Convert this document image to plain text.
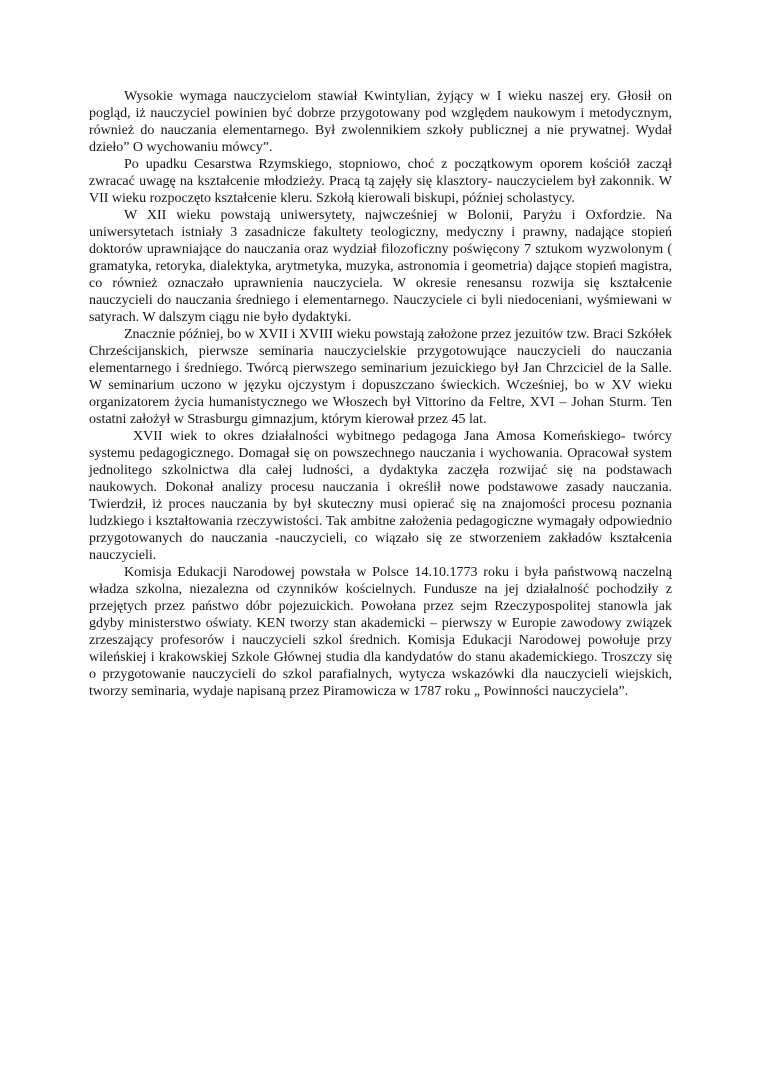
Wysokie wymaga nauczycielom stawiał Kwintylian, żyjący w I wieku naszej ery. Głosił on pogląd, iż nauczyciel powinien być dobrze przygotowany pod względem naukowym i metodycznym, również do nauczania elementarnego. Był zwolennikiem szkoły publicznej a nie prywatnej. Wydał dzieło” O wychowaniu mówcy”.

Po upadku Cesarstwa Rzymskiego, stopniowo, choć z początkowym oporem kościół zaczął zwracać uwagę na kształcenie młodzieży. Pracą tą zajęły się klasztory- nauczycielem był zakonnik. W VII wieku rozpoczęto kształcenie kleru. Szkołą kierowali biskupi, później scholastycy.

W XII wieku powstają uniwersytety, najwcześniej w Bolonii, Paryżu i Oxfordzie. Na uniwersytetach istniały 3 zasadnicze fakultety teologiczny, medyczny i prawny, nadające stopień doktorów uprawniające do nauczania oraz wydział filozoficzny poświęcony 7 sztukom wyzwolonym ( gramatyka, retoryka, dialektyka, arytmetyka, muzyka, astronomia i geometria) dające stopień magistra, co również oznaczało uprawnienia nauczyciela. W okresie renesansu rozwija się kształcenie nauczycieli do nauczania średniego i elementarnego. Nauczyciele ci byli niedoceniani, wyśmiewani w satyrach. W dalszym ciągu nie było dydaktyki.

Znacznie później, bo w XVII i XVIII wieku powstają założone przez jezuitów tzw. Braci Szkółek Chrześcijanskich, pierwsze seminaria nauczycielskie przygotowujące nauczycieli do nauczania elementarnego i średniego. Twórcą pierwszego seminarium jezuickiego był Jan Chrzciciel de la Salle. W seminarium uczono w języku ojczystym i dopuszczano świeckich. Wcześniej, bo w XV wieku organizatorem życia humanistycznego we Włoszech był Vittorino da Feltre, XVI – Johan Sturm. Ten ostatni założył w Strasburgu gimnazjum, którym kierował przez 45 lat.

XVII wiek to okres działalności wybitnego pedagoga Jana Amosa Komeńskiego- twórcy systemu pedagogicznego. Domagał się on powszechnego nauczania i wychowania. Opracował system jednolitego szkolnictwa dla całej ludności, a dydaktyka zaczęła rozwijać się na podstawach naukowych. Dokonał analizy procesu nauczania i określił nowe podstawowe zasady nauczania. Twierdził, iż proces nauczania by był skuteczny musi opierać się na znajomości procesu poznania ludzkiego i kształtowania rzeczywistości. Tak ambitne założenia pedagogiczne wymagały odpowiednio przygotowanych do nauczania -nauczycieli, co wiązało się ze stworzeniem zakładów kształcenia nauczycieli.

Komisja Edukacji Narodowej powstała w Polsce 14.10.1773 roku i była państwową naczelną władza szkolna, niezalezna od czynników kościelnych. Fundusze na jej działalność pochodziły z przejętych przez państwo dóbr pojezuickich. Powołana przez sejm Rzeczypospolitej stanowla jak gdyby ministerstwo oświaty. KEN tworzy stan akademicki – pierwszy w Europie zawodowy związek zrzeszający profesorów i nauczycieli szkol średnich. Komisja Edukacji Narodowej powołuje przy wileńskiej i krakowskiej Szkole Głównej studia dla kandydatów do stanu akademickiego. Troszczy się o przygotowanie nauczycieli do szkol parafialnych, wytycza wskazówki dla nauczycieli wiejskich, tworzy seminaria, wydaje napisaną przez Piramowicza w 1787 roku „ Powinności nauczyciela”.
